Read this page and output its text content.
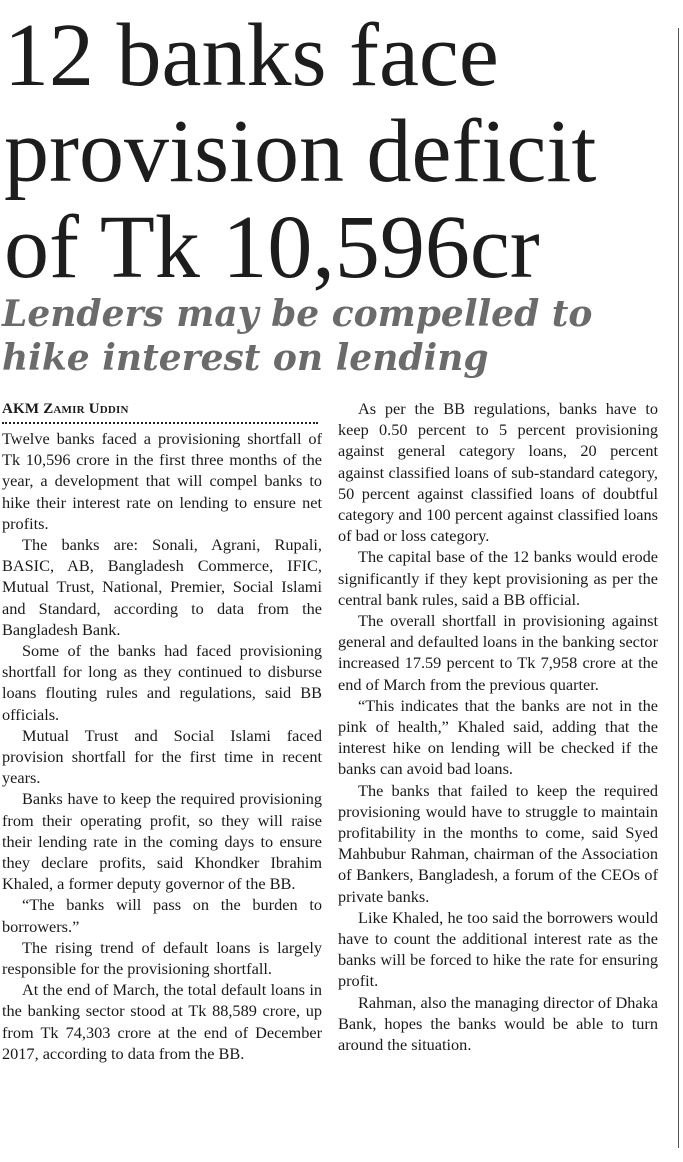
12 banks face
provision deficit
of Tk 10,596cr
Lenders may be compelled to
hike interest on lending
AKM Zamir Uddin

Twelve banks faced a provisioning shortfall of Tk 10,596 crore in the first three months of the year, a development that will compel banks to hike their interest rate on lending to ensure net profits.

The banks are: Sonali, Agrani, Rupali, BASIC, AB, Bangladesh Commerce, IFIC, Mutual Trust, National, Premier, Social Islami and Standard, according to data from the Bangladesh Bank.

Some of the banks had faced provisioning shortfall for long as they continued to disburse loans flouting rules and regulations, said BB officials.

Mutual Trust and Social Islami faced provision shortfall for the first time in recent years.

Banks have to keep the required provisioning from their operating profit, so they will raise their lending rate in the coming days to ensure they declare profits, said Khondker Ibrahim Khaled, a former deputy governor of the BB.

“The banks will pass on the burden to borrowers.”

The rising trend of default loans is largely responsible for the provisioning shortfall.

At the end of March, the total default loans in the banking sector stood at Tk 88,589 crore, up from Tk 74,303 crore at the end of December 2017, according to data from the BB.

As per the BB regulations, banks have to keep 0.50 percent to 5 percent provisioning against general category loans, 20 percent against classified loans of sub-standard category, 50 percent against classified loans of doubtful category and 100 percent against classified loans of bad or loss category.

The capital base of the 12 banks would erode significantly if they kept provisioning as per the central bank rules, said a BB official.

The overall shortfall in provisioning against general and defaulted loans in the banking sector increased 17.59 percent to Tk 7,958 crore at the end of March from the previous quarter.

“This indicates that the banks are not in the pink of health,” Khaled said, adding that the interest hike on lending will be checked if the banks can avoid bad loans.

The banks that failed to keep the required provisioning would have to struggle to maintain profitability in the months to come, said Syed Mahbubur Rahman, chairman of the Association of Bankers, Bangladesh, a forum of the CEOs of private banks.

Like Khaled, he too said the borrowers would have to count the additional interest rate as the banks will be forced to hike the rate for ensuring profit.

Rahman, also the managing director of Dhaka Bank, hopes the banks would be able to turn around the situation.
